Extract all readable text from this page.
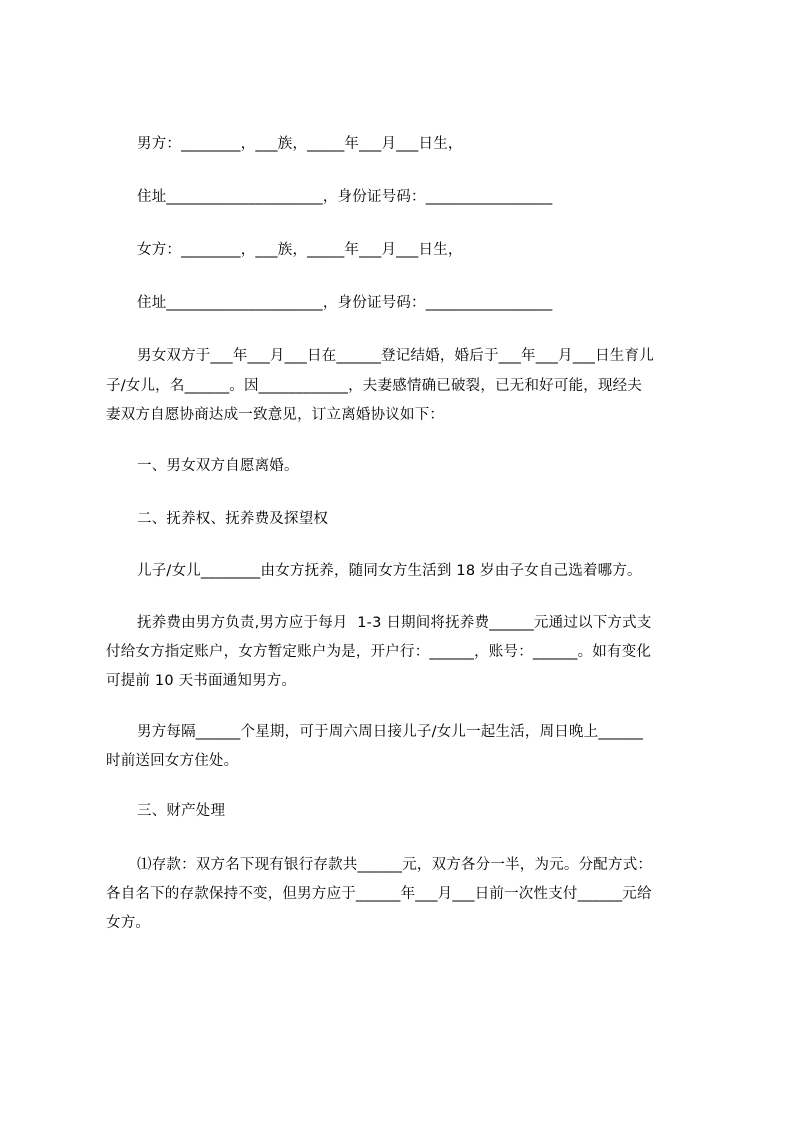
男方：________，___族，_____年___月___日生，
住址_____________________，身份证号码：_________________
女方：________，___族，_____年___月___日生，
住址_____________________，身份证号码：_________________
男女双方于___年___月___日在______登记结婚，婚后于___年___月___日生育儿
子/女儿，名______。因____________，夫妻感情确已破裂，已无和好可能，现经夫
妻双方自愿协商达成一致意见，订立离婚协议如下：
一、男女双方自愿离婚。
二、抚养权、抚养费及探望权
儿子/女儿________由女方抚养，随同女方生活到 18 岁由子女自己选着哪方。
抚养费由男方负责,男方应于每月  1-3 日期间将抚养费______元通过以下方式支
付给女方指定账户，女方暂定账户为是，开户行：______，账号：______。如有变化
可提前 10 天书面通知男方。
男方每隔______个星期，可于周六周日接儿子/女儿一起生活，周日晚上______
时前送回女方住处。
三、财产处理
⑴存款：双方名下现有银行存款共______元，双方各分一半，为元。分配方式：
各自名下的存款保持不变，但男方应于______年___月___日前一次性支付______元给
女方。
